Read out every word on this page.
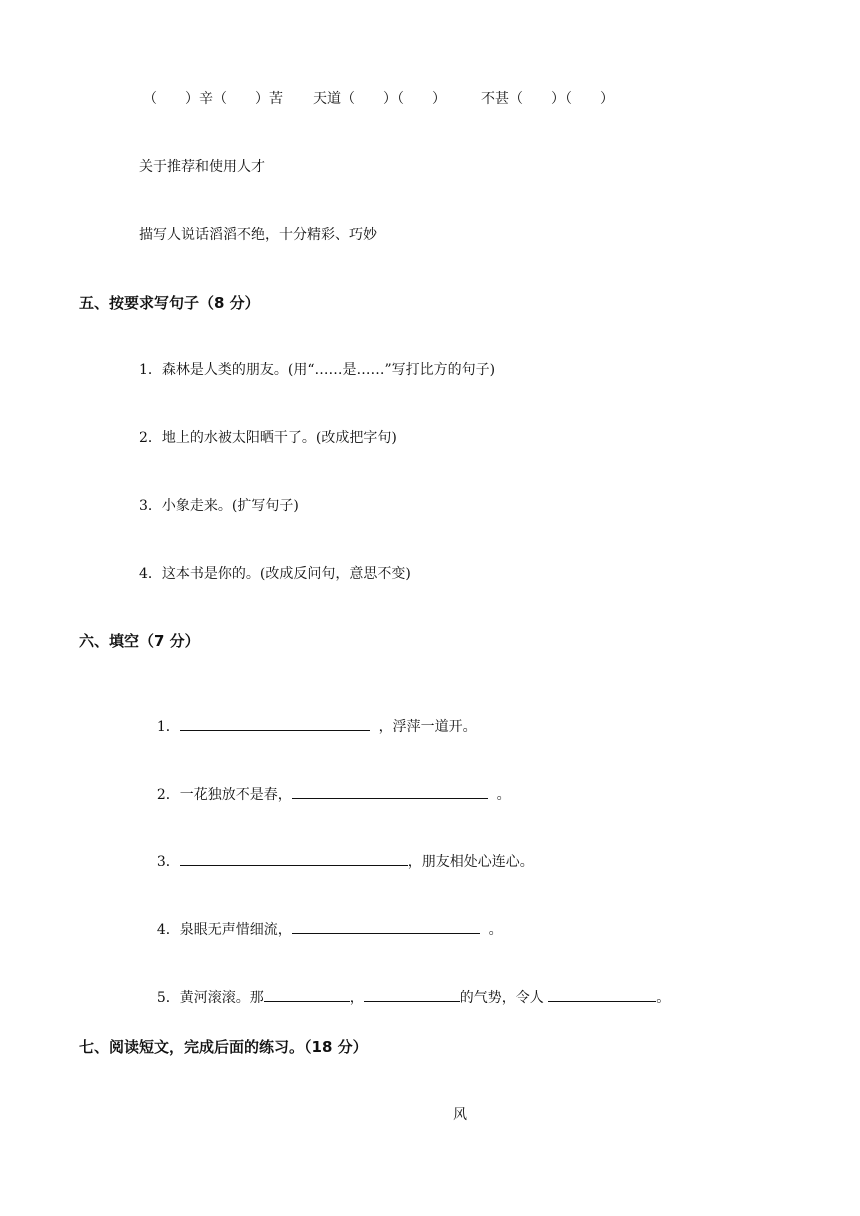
（　　）辛（　　）苦 天道（　　）（　　）	不甚（　　）（　　）
关于推荐和使用人才
描写人说话滔滔不绝，十分精彩、巧妙
五、按要求写句子（8 分）
1．森林是人类的朋友。(用“……是……”写打比方的句子)
2．地上的水被太阳晒干了。(改成把字句)
3．小象走来。(扩写句子)
4．这本书是你的。(改成反问句，意思不变)
六、填空（7 分）

1．	，浮萍一道开。

2．一花独放不是春，	。

3．	，朋友相处心连心。

4．泉眼无声惜细流，	。

5．黄河滚滚。那	，	的气势，令人	。

七、阅读短文，完成后面的练习。（18 分）
风
